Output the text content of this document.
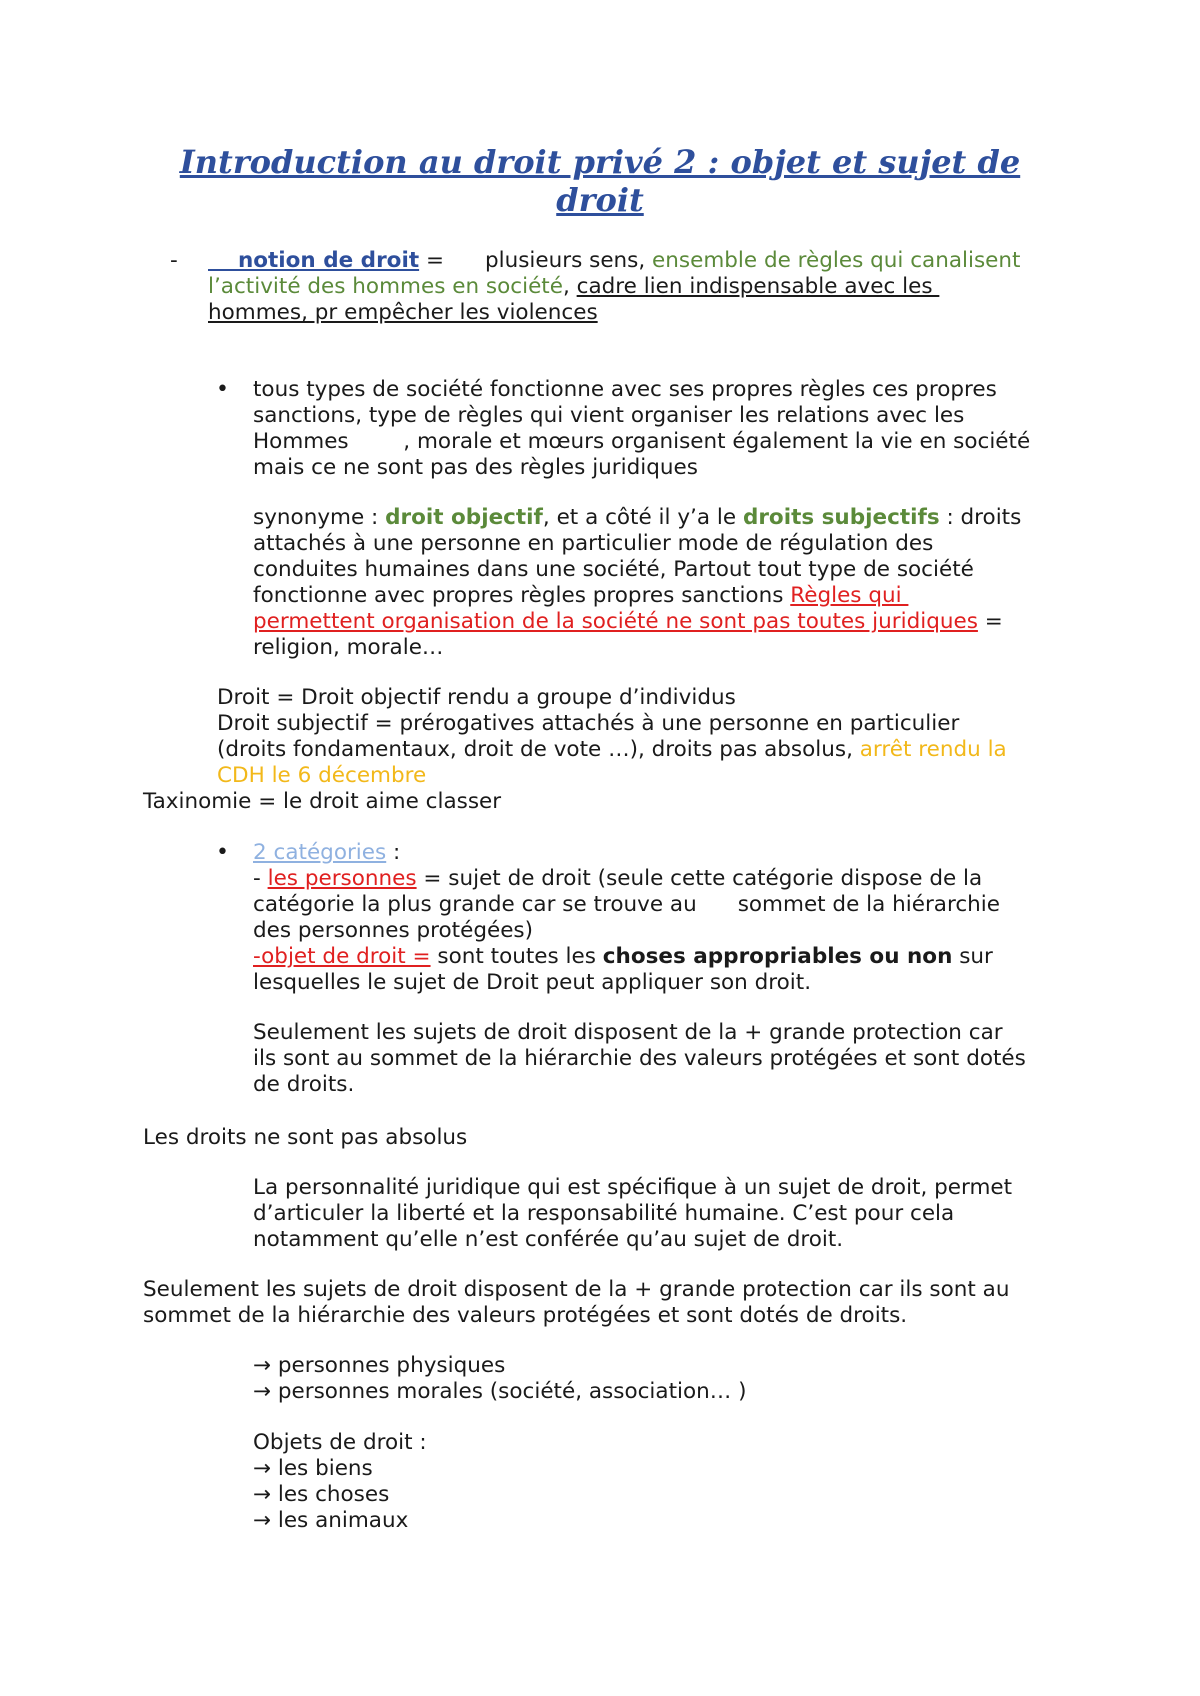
Introduction au droit privé 2 : objet et sujet de
droit
- notion de droit =      plusieurs sens, ensemble de règles qui canalisent
l’activité des hommes en société, cadre lien indispensable avec les
hommes, pr empêcher les violences
• tous types de société fonctionne avec ses propres règles ces propres
sanctions, type de règles qui vient organiser les relations avec les
Hommes        , morale et mœurs organisent également la vie en société
mais ce ne sont pas des règles juridiques
synonyme : droit objectif, et a côté il y’a le droits subjectifs : droits
attachés à une personne en particulier mode de régulation des
conduites humaines dans une société, Partout tout type de société
fonctionne avec propres règles propres sanctions Règles qui
permettent organisation de la société ne sont pas toutes juridiques =
religion, morale…
Droit = Droit objectif rendu a groupe d’individus
Droit subjectif = prérogatives attachés à une personne en particulier
(droits fondamentaux, droit de vote …), droits pas absolus, arrêt rendu la
CDH le 6 décembre
Taxinomie = le droit aime classer
• 2 catégories :
- les personnes = sujet de droit (seule cette catégorie dispose de la
catégorie la plus grande car se trouve au      sommet de la hiérarchie
des personnes protégées)
-objet de droit = sont toutes les choses appropriables ou non sur
lesquelles le sujet de Droit peut appliquer son droit.
Seulement les sujets de droit disposent de la + grande protection car
ils sont au sommet de la hiérarchie des valeurs protégées et sont dotés
de droits.
Les droits ne sont pas absolus
La personnalité juridique qui est spécifique à un sujet de droit, permet
d’articuler la liberté et la responsabilité humaine. C’est pour cela
notamment qu’elle n’est conférée qu’au sujet de droit.
Seulement les sujets de droit disposent de la + grande protection car ils sont au
sommet de la hiérarchie des valeurs protégées et sont dotés de droits.
→ personnes physiques
→ personnes morales (société, association… )
Objets de droit :
→ les biens
→ les choses
→ les animaux
